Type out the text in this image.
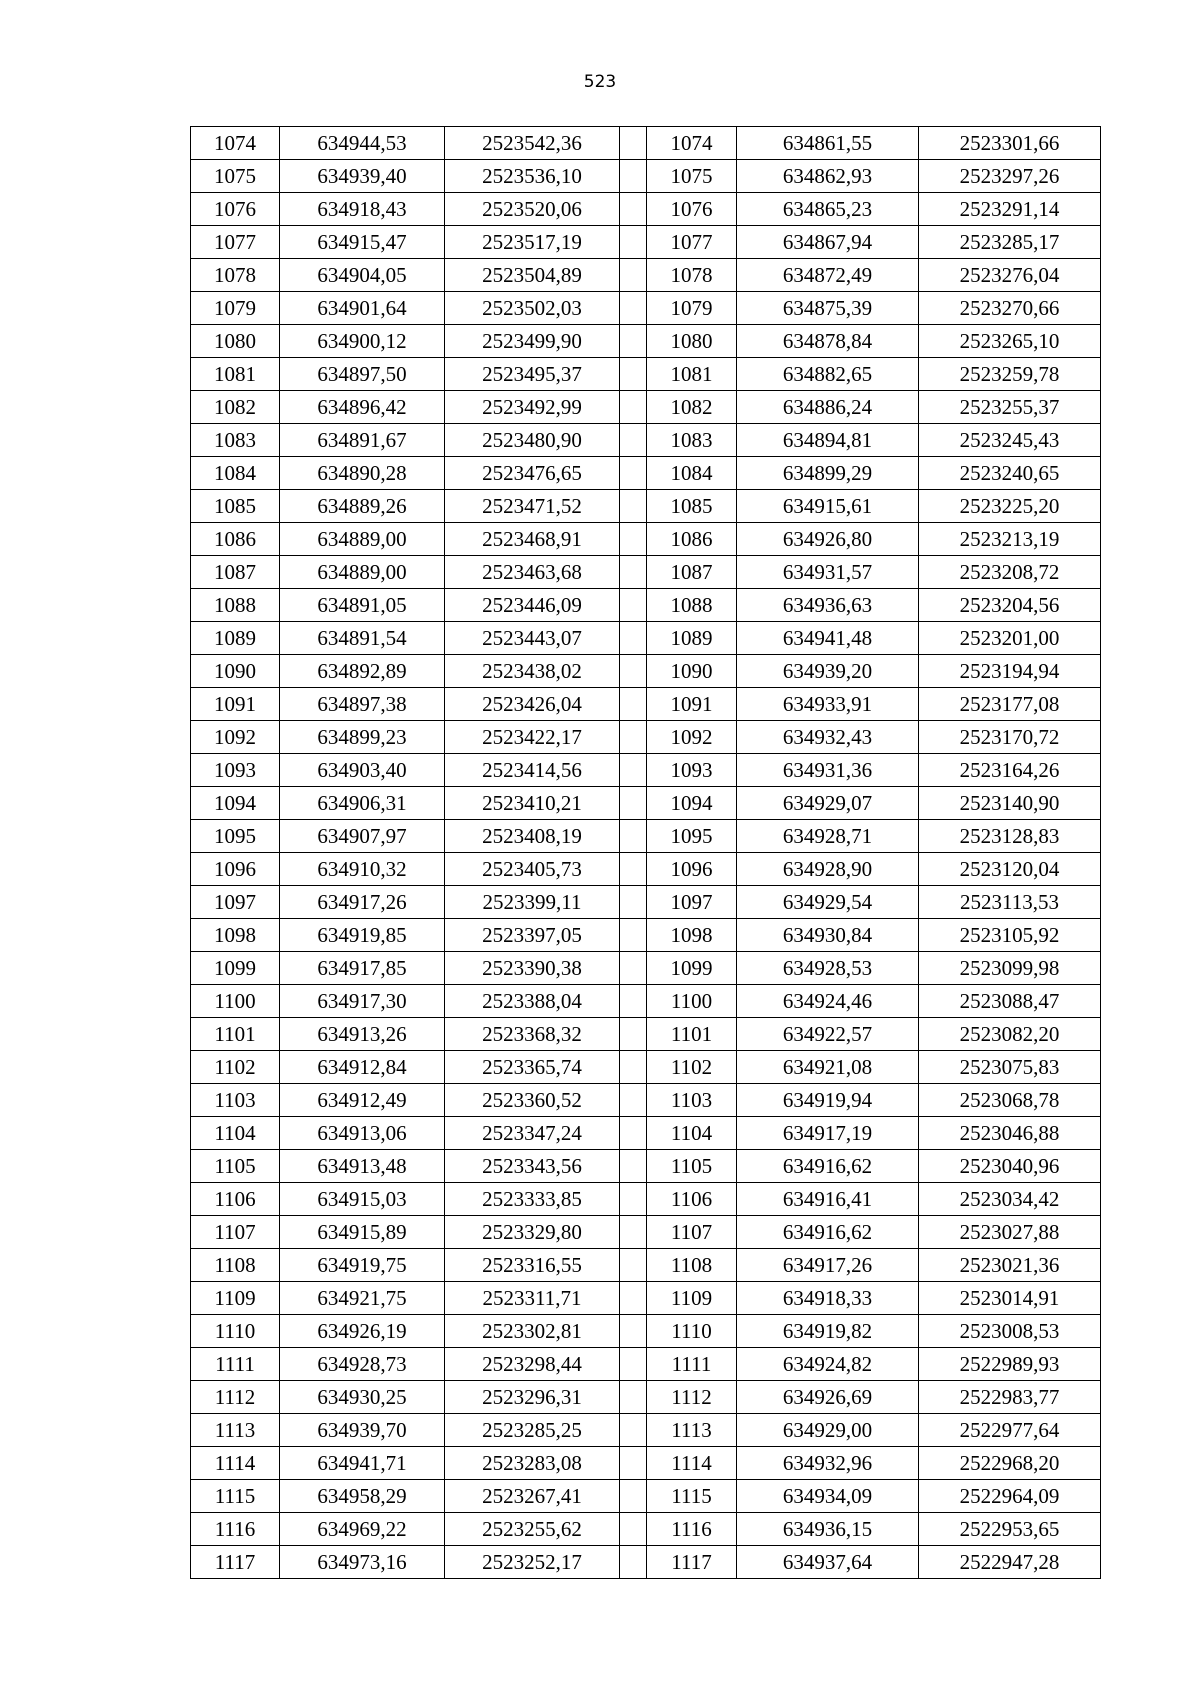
523
1074	634944,53	2523542,36		1074	634861,55	2523301,66
1075	634939,40	2523536,10		1075	634862,93	2523297,26
1076	634918,43	2523520,06		1076	634865,23	2523291,14
1077	634915,47	2523517,19		1077	634867,94	2523285,17
1078	634904,05	2523504,89		1078	634872,49	2523276,04
1079	634901,64	2523502,03		1079	634875,39	2523270,66
1080	634900,12	2523499,90		1080	634878,84	2523265,10
1081	634897,50	2523495,37		1081	634882,65	2523259,78
1082	634896,42	2523492,99		1082	634886,24	2523255,37
1083	634891,67	2523480,90		1083	634894,81	2523245,43
1084	634890,28	2523476,65		1084	634899,29	2523240,65
1085	634889,26	2523471,52		1085	634915,61	2523225,20
1086	634889,00	2523468,91		1086	634926,80	2523213,19
1087	634889,00	2523463,68		1087	634931,57	2523208,72
1088	634891,05	2523446,09		1088	634936,63	2523204,56
1089	634891,54	2523443,07		1089	634941,48	2523201,00
1090	634892,89	2523438,02		1090	634939,20	2523194,94
1091	634897,38	2523426,04		1091	634933,91	2523177,08
1092	634899,23	2523422,17		1092	634932,43	2523170,72
1093	634903,40	2523414,56		1093	634931,36	2523164,26
1094	634906,31	2523410,21		1094	634929,07	2523140,90
1095	634907,97	2523408,19		1095	634928,71	2523128,83
1096	634910,32	2523405,73		1096	634928,90	2523120,04
1097	634917,26	2523399,11		1097	634929,54	2523113,53
1098	634919,85	2523397,05		1098	634930,84	2523105,92
1099	634917,85	2523390,38		1099	634928,53	2523099,98
1100	634917,30	2523388,04		1100	634924,46	2523088,47
1101	634913,26	2523368,32		1101	634922,57	2523082,20
1102	634912,84	2523365,74		1102	634921,08	2523075,83
1103	634912,49	2523360,52		1103	634919,94	2523068,78
1104	634913,06	2523347,24		1104	634917,19	2523046,88
1105	634913,48	2523343,56		1105	634916,62	2523040,96
1106	634915,03	2523333,85		1106	634916,41	2523034,42
1107	634915,89	2523329,80		1107	634916,62	2523027,88
1108	634919,75	2523316,55		1108	634917,26	2523021,36
1109	634921,75	2523311,71		1109	634918,33	2523014,91
1110	634926,19	2523302,81		1110	634919,82	2523008,53
1111	634928,73	2523298,44		1111	634924,82	2522989,93
1112	634930,25	2523296,31		1112	634926,69	2522983,77
1113	634939,70	2523285,25		1113	634929,00	2522977,64
1114	634941,71	2523283,08		1114	634932,96	2522968,20
1115	634958,29	2523267,41		1115	634934,09	2522964,09
1116	634969,22	2523255,62		1116	634936,15	2522953,65
1117	634973,16	2523252,17		1117	634937,64	2522947,28
